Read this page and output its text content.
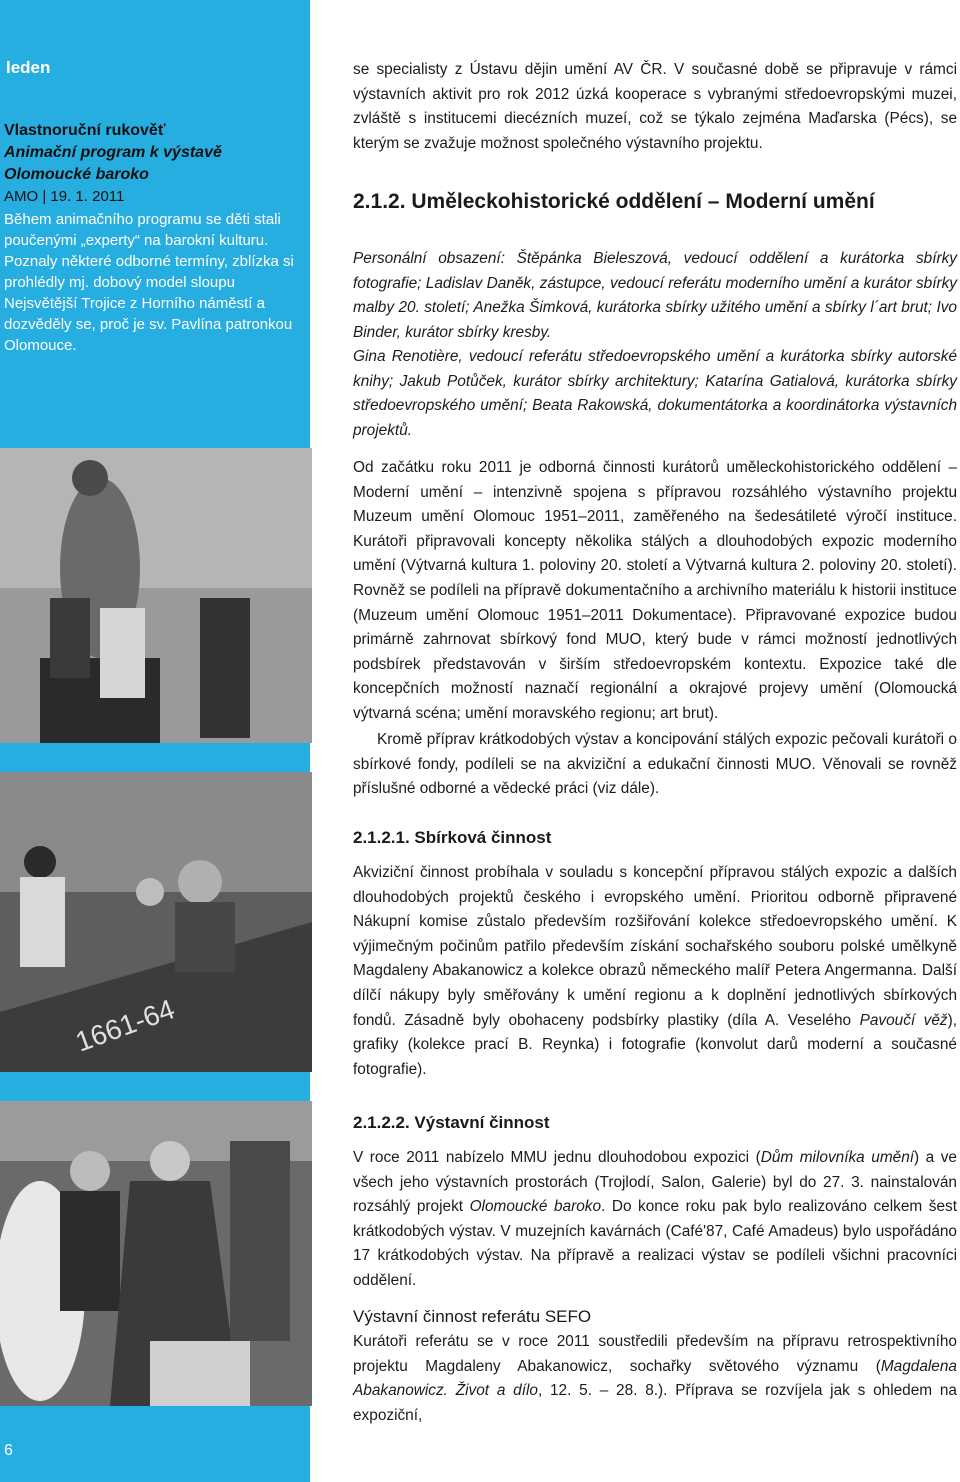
leden
Vlastnoruční rukověť
Animační program k výstavě Olomoucké baroko
AMO | 19. 1. 2011
Během animačního programu se děti stali poučenými „experty“ na barokní kulturu. Poznaly některé odborné termíny, zblízka si prohlédly mj. dobový model sloupu Nejsvětější Trojice z Horního náměstí a dozvěděly se, proč je sv. Pavlína patronkou Olomouce.
6
1661-64
se specialisty z Ústavu dějin umění AV ČR. V současné době se připravuje v rámci výstavních aktivit pro rok 2012 úzká kooperace s vybranými středoevropskými muzei, zvláště s institucemi diecézních muzeí, což se týkalo zejména Maďarska (Pécs), se kterým se zvažuje možnost společného výstavního projektu.
2.1.2. Uměleckohistorické oddělení – Moderní umění
Personální obsazení: Štěpánka Bieleszová, vedoucí oddělení a kurátorka sbírky fotografie; Ladislav Daněk, zástupce, vedoucí referátu moderního umění a kurátor sbírky malby 20. století; Anežka Šimková, kurátorka sbírky užitého umění a sbírky l´art brut; Ivo Binder, kurátor sbírky kresby.
Gina Renotière, vedoucí referátu středoevropského umění a kurátorka sbírky autorské knihy; Jakub Potůček, kurátor sbírky architektury; Katarína Gatialová, kurátorka sbírky středoevropského umění; Beata Rakowská, dokumentátorka a koordinátorka výstavních projektů.
Od začátku roku 2011 je odborná činnosti kurátorů uměleckohistorického oddělení – Moderní umění – intenzivně spojena s přípravou rozsáhlého výstavního projektu Muzeum umění Olomouc 1951–2011, zaměřeného na šedesátileté výročí instituce. Kurátoři připravovali koncepty několika stálých a dlouhodobých expozic moderního umění (Výtvarná kultura 1. poloviny 20. století a Výtvarná kultura 2. poloviny 20. století). Rovněž se podíleli na přípravě dokumentačního a archivního materiálu k historii instituce (Muzeum umění Olomouc 1951–2011 Dokumentace). Připravované expozice budou primárně zahrnovat sbírkový fond MUO, který bude v rámci možností jednotlivých podsbírek představován v širším středoevropském kontextu. Expozice také dle koncepčních možností naznačí regionální a okrajové projevy umění (Olomoucká výtvarná scéna; umění moravského regionu; art brut).
Kromě příprav krátkodobých výstav a koncipování stálých expozic pečovali kurátoři o sbírkové fondy, podíleli se na akviziční a edukační činnosti MUO. Věnovali se rovněž příslušné odborné a vědecké práci (viz dále).
2.1.2.1. Sbírková činnost
Akviziční činnost probíhala v souladu s koncepční přípravou stálých expozic a dalších dlouhodobých projektů českého i evropského umění. Prioritou odborně připravené Nákupní komise zůstalo především rozšiřování kolekce středoevropského umění. K výjimečným počinům patřilo především získání sochařského souboru polské umělkyně Magdaleny Abakanowicz a kolekce obrazů německého malíř Petera Angermanna. Další dílčí nákupy byly směřovány k umění regionu a k doplnění jednotlivých sbírkových fondů. Zásadně byly obohaceny podsbírky plastiky (díla A. Veselého Pavoučí věž), grafiky (kolekce prací B. Reynka) i fotografie (konvolut darů moderní a současné fotografie).
2.1.2.2. Výstavní činnost
V roce 2011 nabízelo MMU jednu dlouhodobou expozici (Dům milovníka umění) a ve všech jeho výstavních prostorách (Trojlodí, Salon, Galerie) byl do 27. 3. nainstalován rozsáhlý projekt Olomoucké baroko. Do konce roku pak bylo realizováno celkem šest krátkodobých výstav. V muzejních kavárnách (Café'87, Café Amadeus) bylo uspořádáno 17 krátkodobých výstav. Na přípravě a realizaci výstav se podíleli všichni pracovníci oddělení.
Výstavní činnost referátu SEFO
Kurátoři referátu se v roce 2011 soustředili především na přípravu retrospektivního projektu Magdaleny Abakanowicz, sochařky světového významu (Magdalena Abakanowicz. Život a dílo, 12. 5. – 28. 8.). Příprava se rozvíjela jak s ohledem na expoziční,
